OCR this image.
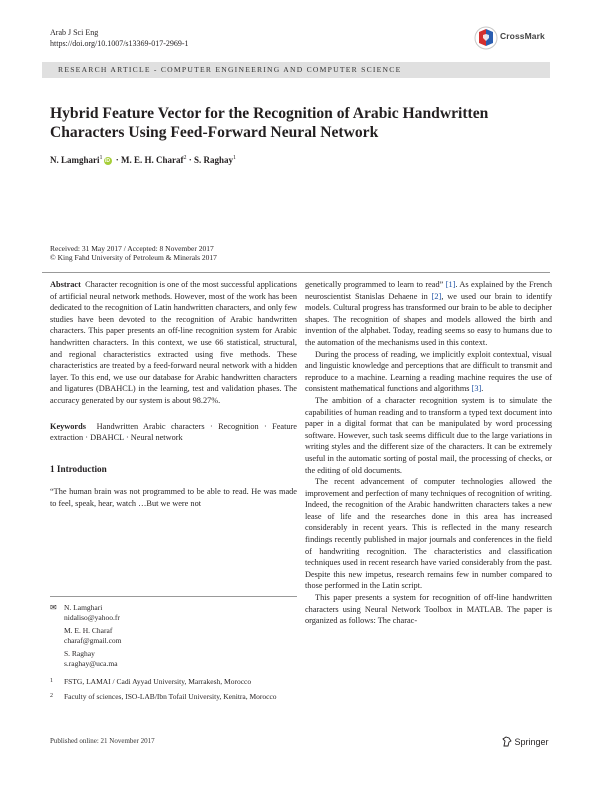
Arab J Sci Eng
https://doi.org/10.1007/s13369-017-2969-1
CrossMark
RESEARCH ARTICLE - COMPUTER ENGINEERING AND COMPUTER SCIENCE
Hybrid Feature Vector for the Recognition of Arabic Handwritten Characters Using Feed-Forward Neural Network
N. Lamghari$^1$ iD · M. E. H. Charaf$^2$ · S. Raghay$^1$
Received: 31 May 2017 / Accepted: 8 November 2017
© King Fahd University of Petroleum & Minerals 2017

Abstract Character recognition is one of the most successful applications of artificial neural network methods. However, most of the work has been dedicated to the recognition of Latin handwritten characters, and only few studies have been devoted to the recognition of Arabic handwritten characters. This paper presents an off-line recognition system for Arabic handwritten characters. In this context, we use 66 statistical, structural, and regional characteristics extracted using five methods. These characteristics are treated by a feed-forward neural network with a hidden layer. To this end, we use our database for Arabic handwritten characters and ligatures (DBAHCL) in the learning, test and validation phases. The accuracy generated by our system is about 98.27%.

Keywords Handwritten Arabic characters · Recognition · Feature extraction · DBAHCL · Neural network

1 Introduction

“The human brain was not programmed to be able to read. He was made to feel, speak, hear, watch …But we were not

✉ N. Lamghari
nidaliso@yahoo.fr
M. E. H. Charaf
charaf@gmail.com
S. Raghay
s.raghay@uca.ma
1	FSTG, LAMAI / Cadi Ayyad University, Marrakesh, Morocco
2	Faculty of sciences, ISO-LAB/Ibn Tofail University, Kenitra, Morocco

genetically programmed to learn to read” [1]. As explained by the French neuroscientist Stanislas Dehaene in [2], we used our brain to identify models. Cultural progress has transformed our brain to be able to decipher shapes. The recognition of shapes and models allowed the birth and invention of the alphabet. Today, reading seems so easy to humans due to the automation of the mechanisms used in this context.

During the process of reading, we implicitly exploit contextual, visual and linguistic knowledge and perceptions that are difficult to transmit and reproduce to a machine. Learning a reading machine requires the use of consistent mathematical functions and algorithms [3].

The ambition of a character recognition system is to simulate the capabilities of human reading and to transform a typed text document into paper in a digital format that can be manipulated by word processing software. However, such task seems difficult due to the large variations in writing styles and the different size of the characters. It can be extremely useful in the automatic sorting of postal mail, the processing of checks, or the editing of old documents.

The recent advancement of computer technologies allowed the improvement and perfection of many techniques of recognition of writing. Indeed, the recognition of the Arabic handwritten characters takes a new lease of life and the researches done in this area has increased considerably in recent years. This is reflected in the many research findings recently published in major journals and conferences in the field of handwriting recognition. The characteristics and classification techniques used in recent research have varied considerably from the past. Despite this new impetus, research remains few in number compared to those performed in the Latin script.

This paper presents a system for recognition of off-line handwritten characters using Neural Network Toolbox in MATLAB. The paper is organized as follows: The charac-

Published online: 21 November 2017	Springer
